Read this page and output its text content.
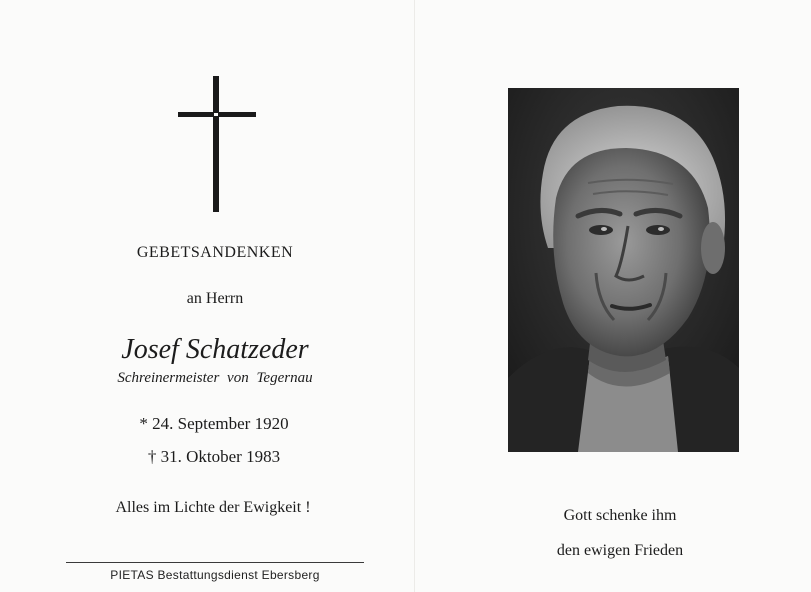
GEBETSANDENKEN
an Herrn
Josef Schatzeder
Schreinermeister von Tegernau
* 24. September 1920
† 31. Oktober 1983
Alles im Lichte der Ewigkeit !
PIETAS Bestattungsdienst Ebersberg
Gott schenke ihm
den ewigen Frieden
